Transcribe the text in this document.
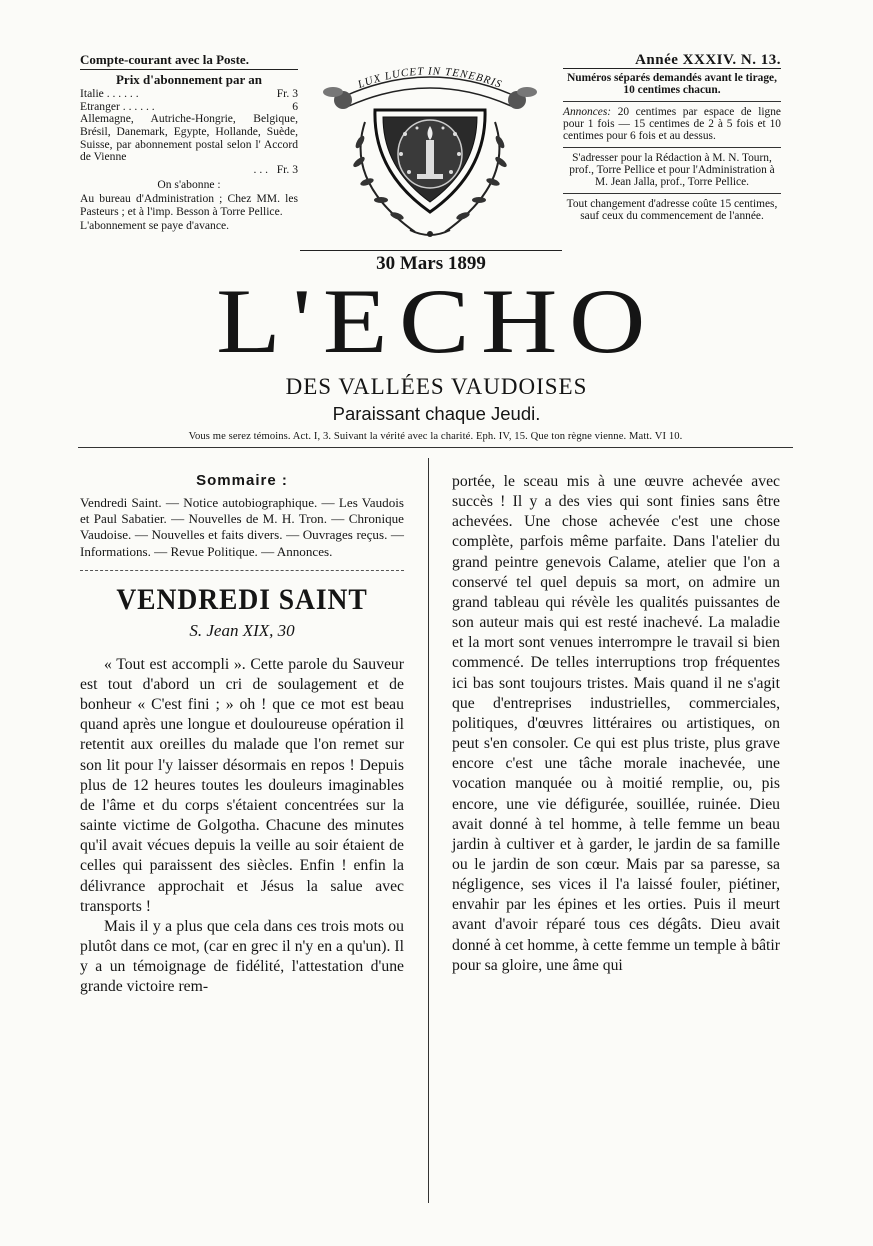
Compte-courant avec la Poste.
Prix d'abonnement par an
Italie . . . . . .	Fr. 3
Etranger . . . . . .	6
Allemagne, Autriche-Hongrie, Belgique, Brésil, Danemark, Egypte, Hollande, Suède, Suisse, par abonnement postal selon l' Accord de Vienne
. . . Fr. 3
On s'abonne :
Au bureau d'Administration ; Chez MM. les Pasteurs ; et à l'imp. Besson à Torre Pellice.
L'abonnement se paye d'avance.
LUX LUCET IN TENEBRIS
Année XXXIV. N. 13.

Numéros séparés demandés avant le tirage, 10 centimes chacun.

Annonces: 20 centimes par espace de ligne pour 1 fois — 15 centimes de 2 à 5 fois et 10 centimes pour 6 fois et au dessus.

S'adresser pour la Rédaction à M. N. Tourn, prof., Torre Pellice et pour l'Administration à M. Jean Jalla, prof., Torre Pellice.

Tout changement d'adresse coûte 15 centimes, sauf ceux du commencement de l'année.

30 Mars 1899
L'ECHO
DES VALLÉES VAUDOISES
Paraissant chaque Jeudi.
Vous me serez témoins. Act. I, 3. Suivant la vérité avec la charité. Eph. IV, 15. Que ton règne vienne. Matt. VI 10.
Sommaire :
Vendredi Saint. — Notice autobiographique. — Les Vaudois et Paul Sabatier. — Nouvelles de M. H. Tron. — Chronique Vaudoise. — Nouvelles et faits divers. — Ouvrages reçus. — Informations. — Revue Politique. — Annonces.
VENDREDI SAINT
S. Jean XIX, 30

« Tout est accompli ». Cette parole du Sauveur est tout d'abord un cri de soulagement et de bonheur « C'est fini ; » oh ! que ce mot est beau quand après une longue et douloureuse opération il retentit aux oreilles du malade que l'on remet sur son lit pour l'y laisser désormais en repos ! Depuis plus de 12 heures toutes les douleurs imaginables de l'âme et du corps s'étaient concentrées sur la sainte victime de Golgotha. Chacune des minutes qu'il avait vécues depuis la veille au soir étaient de celles qui paraissent des siècles. Enfin ! enfin la délivrance approchait et Jésus la salue avec transports !

Mais il y a plus que cela dans ces trois mots ou plutôt dans ce mot, (car en grec il n'y en a qu'un). Il y a un témoignage de fidélité, l'attestation d'une grande victoire rem-

portée, le sceau mis à une œuvre achevée avec succès ! Il y a des vies qui sont finies sans être achevées. Une chose achevée c'est une chose complète, parfois même parfaite. Dans l'atelier du grand peintre genevois Calame, atelier que l'on a conservé tel quel depuis sa mort, on admire un grand tableau qui révèle les qualités puissantes de son auteur mais qui est resté inachevé. La maladie et la mort sont venues interrompre le travail si bien commencé. De telles interruptions trop fréquentes ici bas sont toujours tristes. Mais quand il ne s'agit que d'entreprises industrielles, commerciales, politiques, d'œuvres littéraires ou artistiques, on peut s'en consoler. Ce qui est plus triste, plus grave encore c'est une tâche morale inachevée, une vocation manquée ou à moitié remplie, ou, pis encore, une vie défigurée, souillée, ruinée. Dieu avait donné à tel homme, à telle femme un beau jardin à cultiver et à garder, le jardin de sa famille ou le jardin de son cœur. Mais par sa paresse, sa négligence, ses vices il l'a laissé fouler, piétiner, envahir par les épines et les orties. Puis il meurt avant d'avoir réparé tous ces dégâts. Dieu avait donné à cet homme, à cette femme un temple à bâtir pour sa gloire, une âme qui
